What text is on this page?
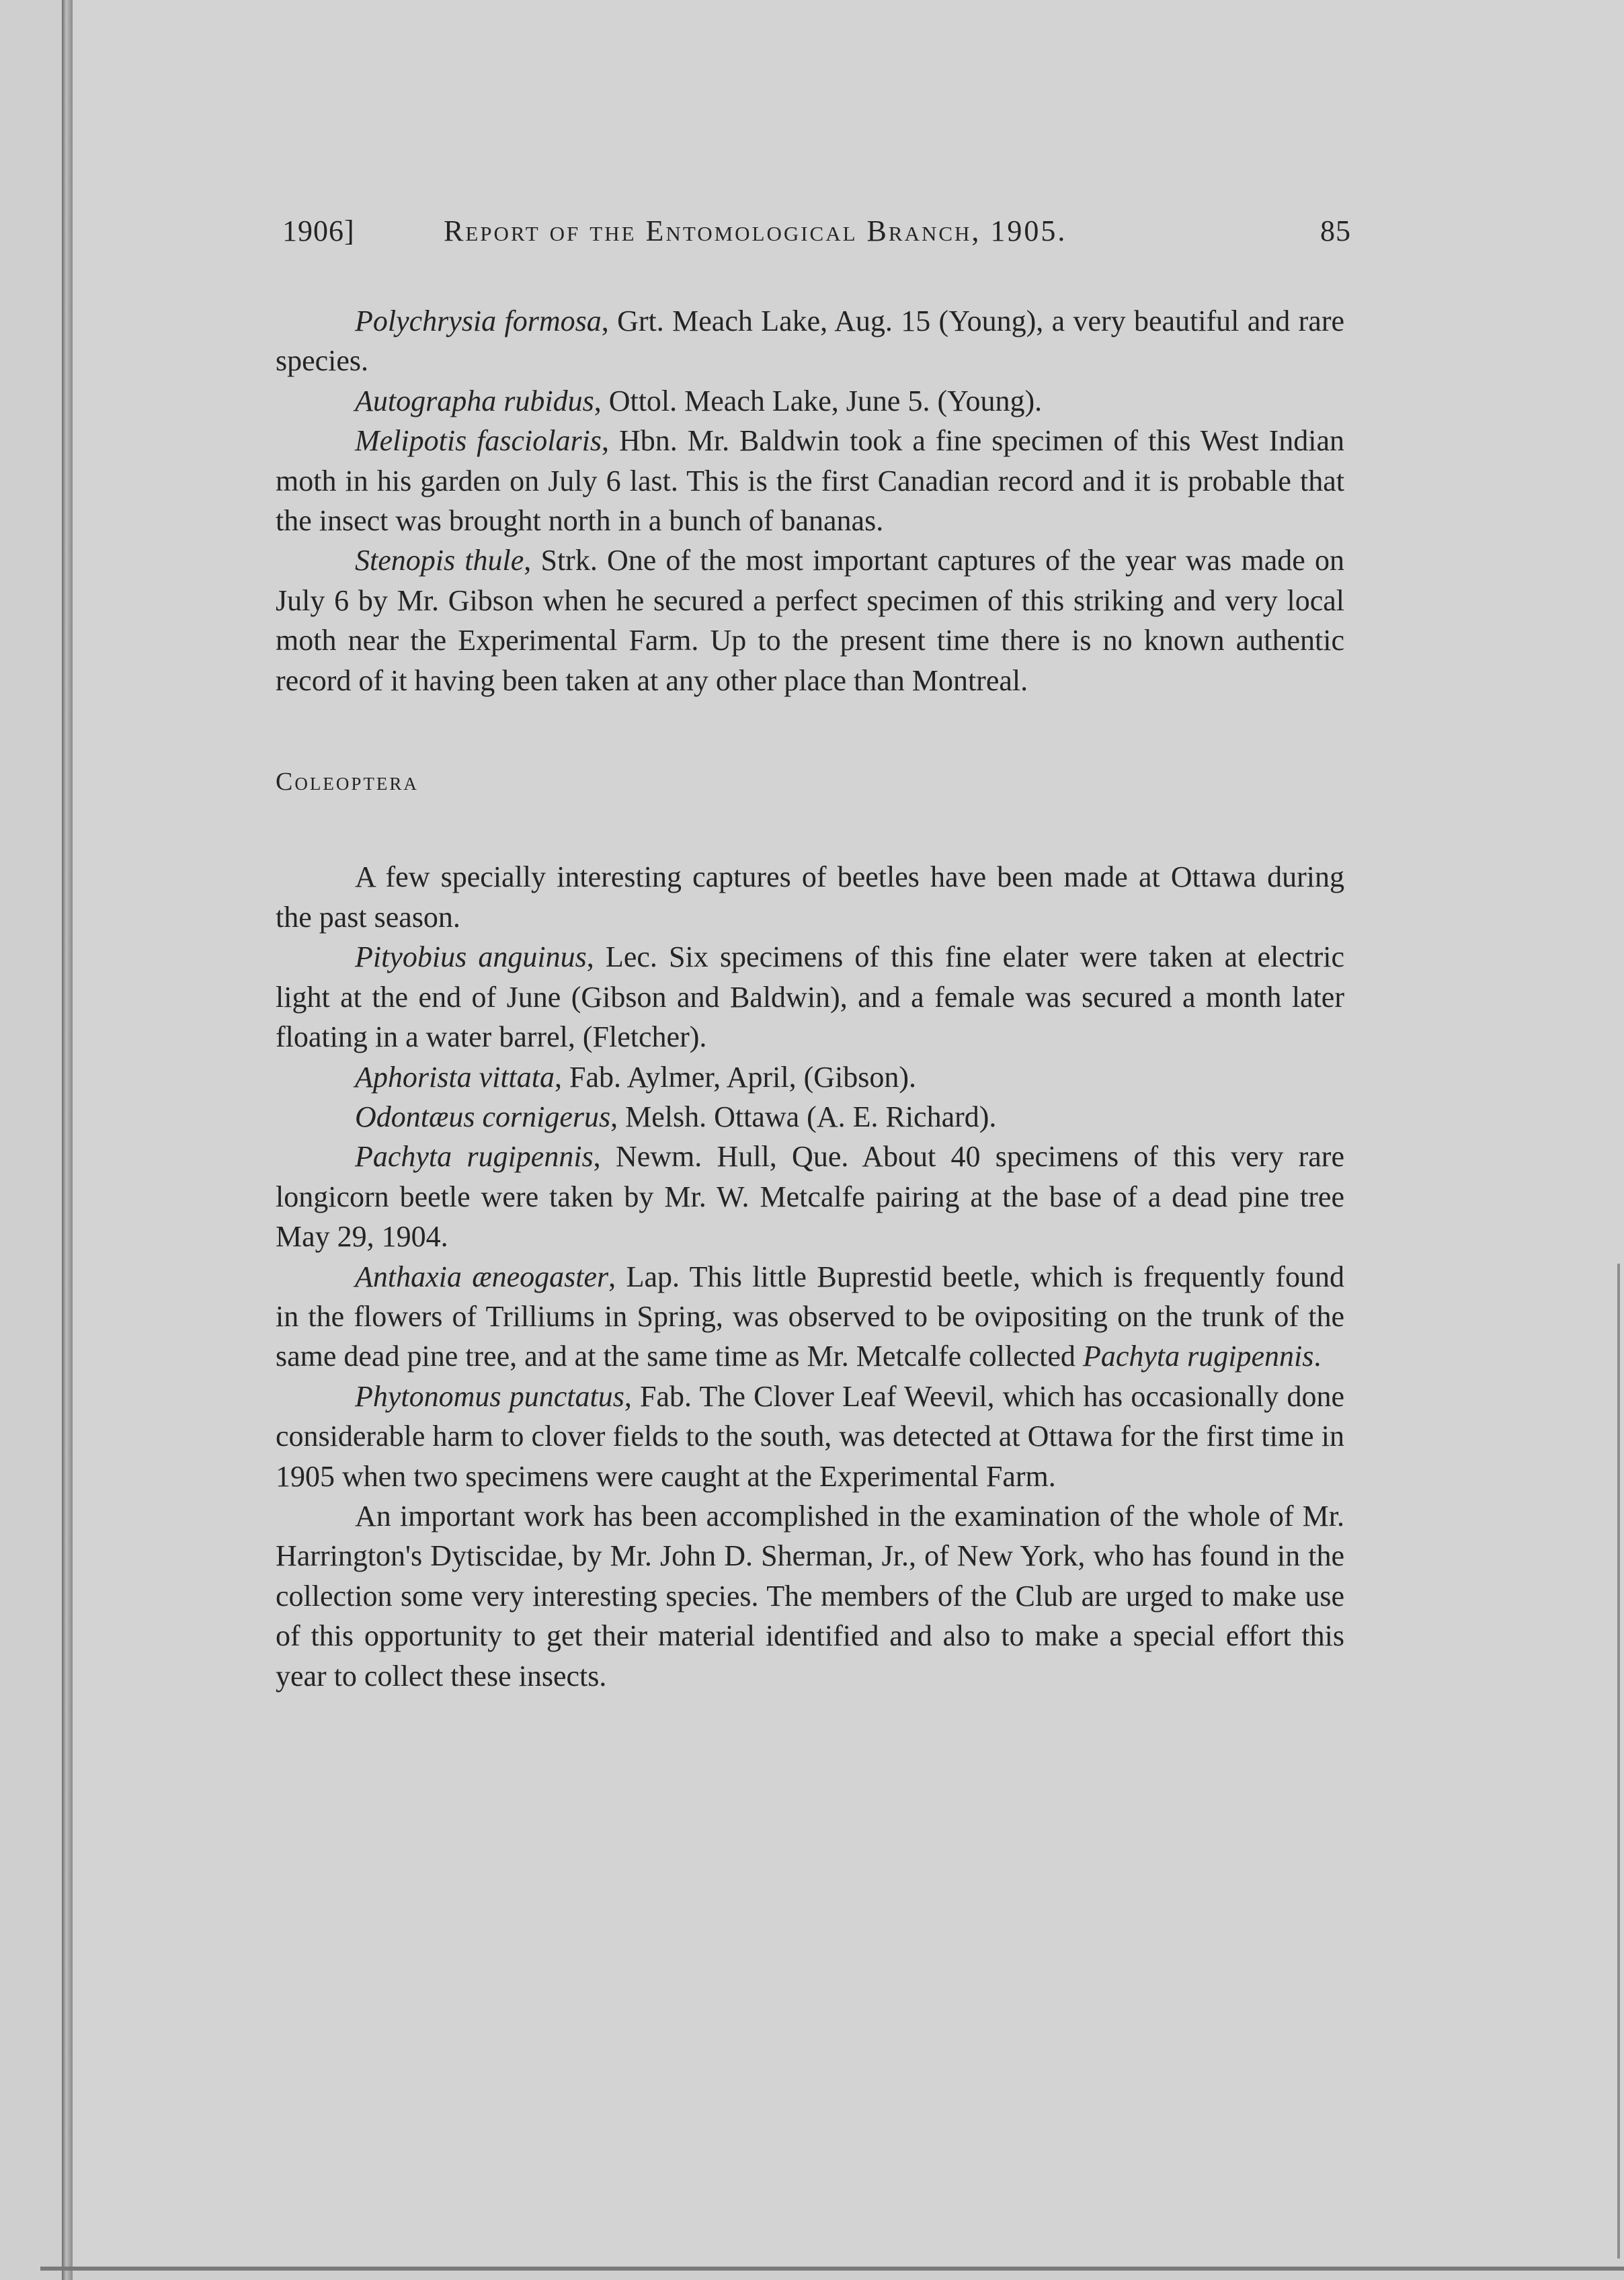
1906]	Report of the Entomological Branch, 1905.	85

Polychrysia formosa, Grt. Meach Lake, Aug. 15 (Young), a very beautiful and rare species.

Autographa rubidus, Ottol. Meach Lake, June 5. (Young).

Melipotis fasciolaris, Hbn. Mr. Baldwin took a fine specimen of this West Indian moth in his garden on July 6 last. This is the first Canadian record and it is probable that the insect was brought north in a bunch of bananas.

Stenopis thule, Strk. One of the most important captures of the year was made on July 6 by Mr. Gibson when he secured a perfect specimen of this striking and very local moth near the Experimental Farm. Up to the present time there is no known authentic record of it having been taken at any other place than Montreal.

Coleoptera

A few specially interesting captures of beetles have been made at Ottawa during the past season.

Pityobius anguinus, Lec. Six specimens of this fine elater were taken at electric light at the end of June (Gibson and Baldwin), and a female was secured a month later floating in a water barrel, (Fletcher).

Aphorista vittata, Fab. Aylmer, April, (Gibson).

Odontæus cornigerus, Melsh. Ottawa (A. E. Richard).

Pachyta rugipennis, Newm. Hull, Que. About 40 specimens of this very rare longicorn beetle were taken by Mr. W. Metcalfe pairing at the base of a dead pine tree May 29, 1904.

Anthaxia æneogaster, Lap. This little Buprestid beetle, which is frequently found in the flowers of Trilliums in Spring, was observed to be ovipositing on the trunk of the same dead pine tree, and at the same time as Mr. Metcalfe collected Pachyta rugipennis.

Phytonomus punctatus, Fab. The Clover Leaf Weevil, which has occasionally done considerable harm to clover fields to the south, was detected at Ottawa for the first time in 1905 when two specimens were caught at the Experimental Farm.

An important work has been accomplished in the examination of the whole of Mr. Harrington's Dytiscidae, by Mr. John D. Sherman, Jr., of New York, who has found in the collection some very interesting species. The members of the Club are urged to make use of this opportunity to get their material identified and also to make a special effort this year to collect these insects.
